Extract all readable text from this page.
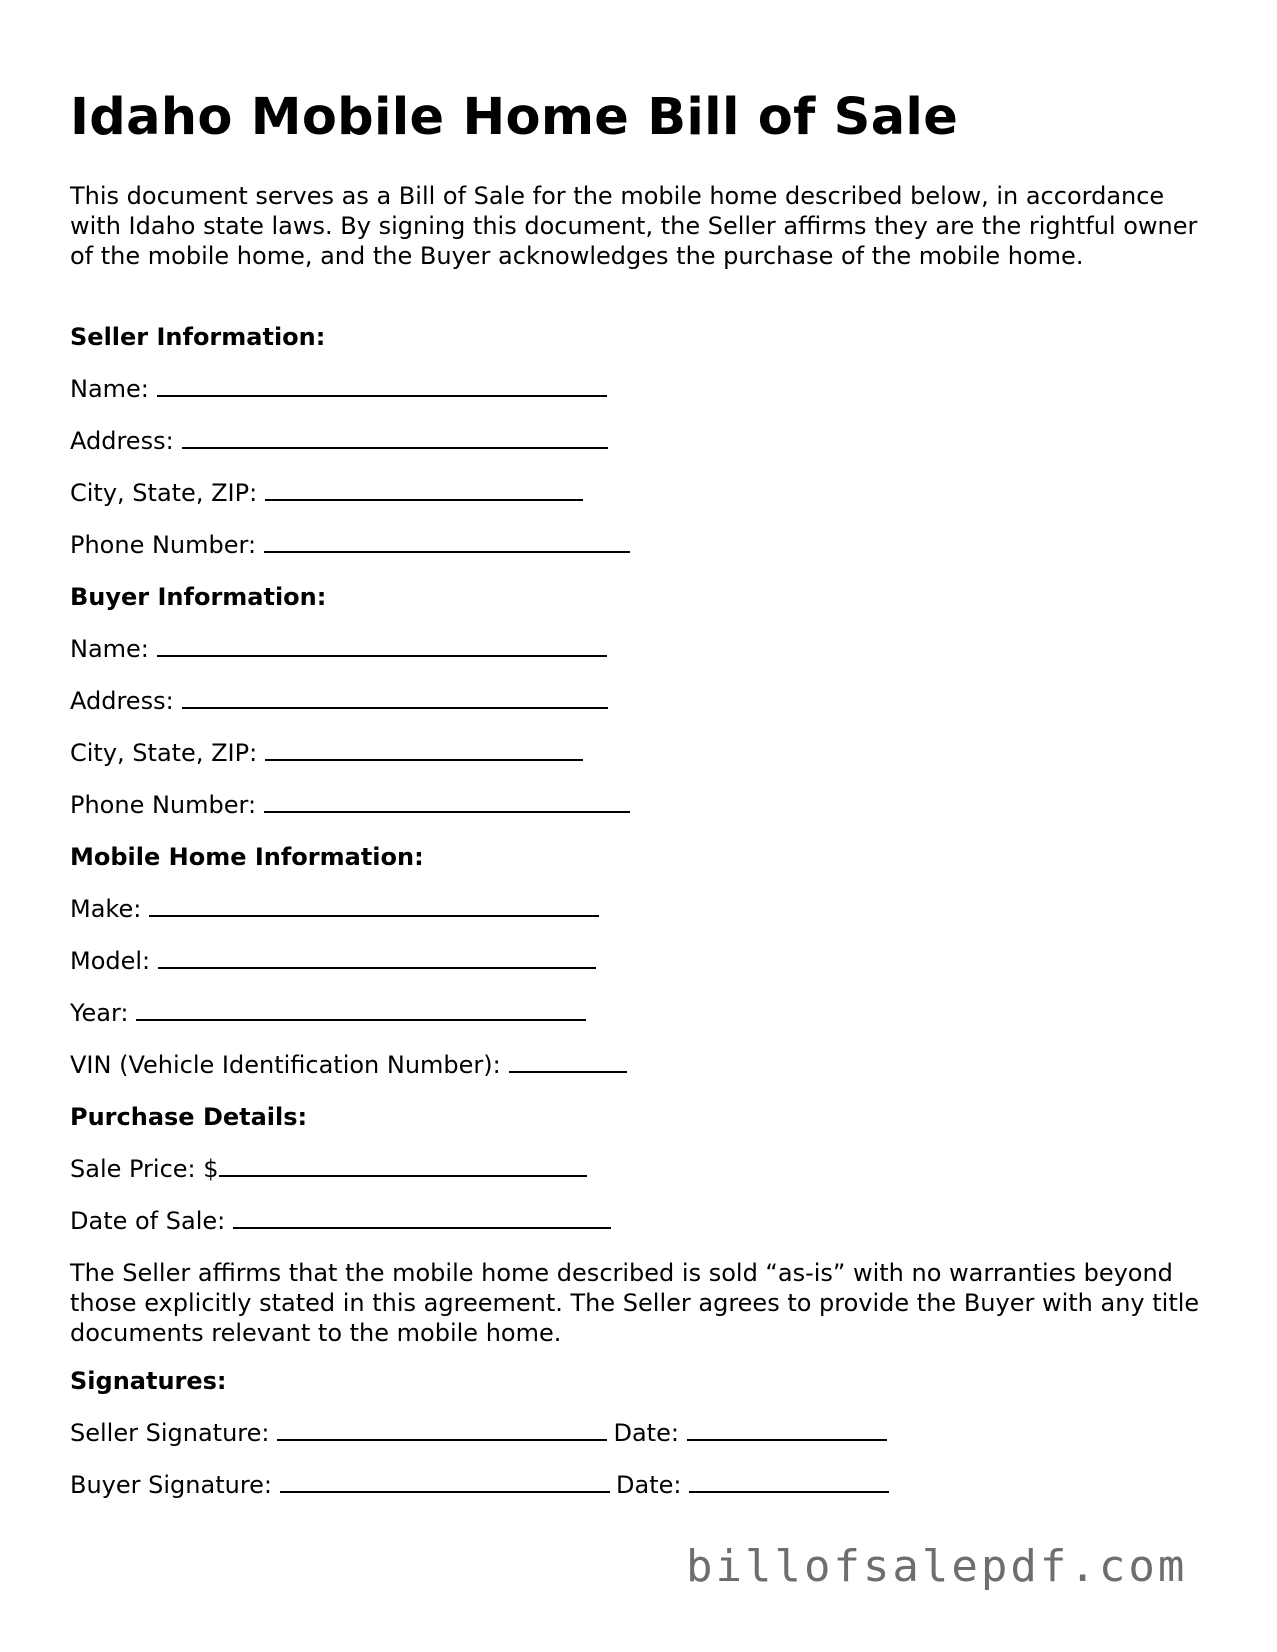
Idaho Mobile Home Bill of Sale

This document serves as a Bill of Sale for the mobile home described below, in accordance with Idaho state laws. By signing this document, the Seller affirms they are the rightful owner of the mobile home, and the Buyer acknowledges the purchase of the mobile home.

Seller Information:

Name:
Address:
City, State, ZIP:
Phone Number:

Buyer Information:

Name:
Address:
City, State, ZIP:
Phone Number:

Mobile Home Information:

Make:
Model:
Year:
VIN (Vehicle Identification Number):

Purchase Details:

Sale Price: $
Date of Sale:

The Seller affirms that the mobile home described is sold “as-is” with no warranties beyond those explicitly stated in this agreement. The Seller agrees to provide the Buyer with any title documents relevant to the mobile home.

Signatures:

Seller Signature:	Date:
Buyer Signature:	Date:
billofsalepdf.com
